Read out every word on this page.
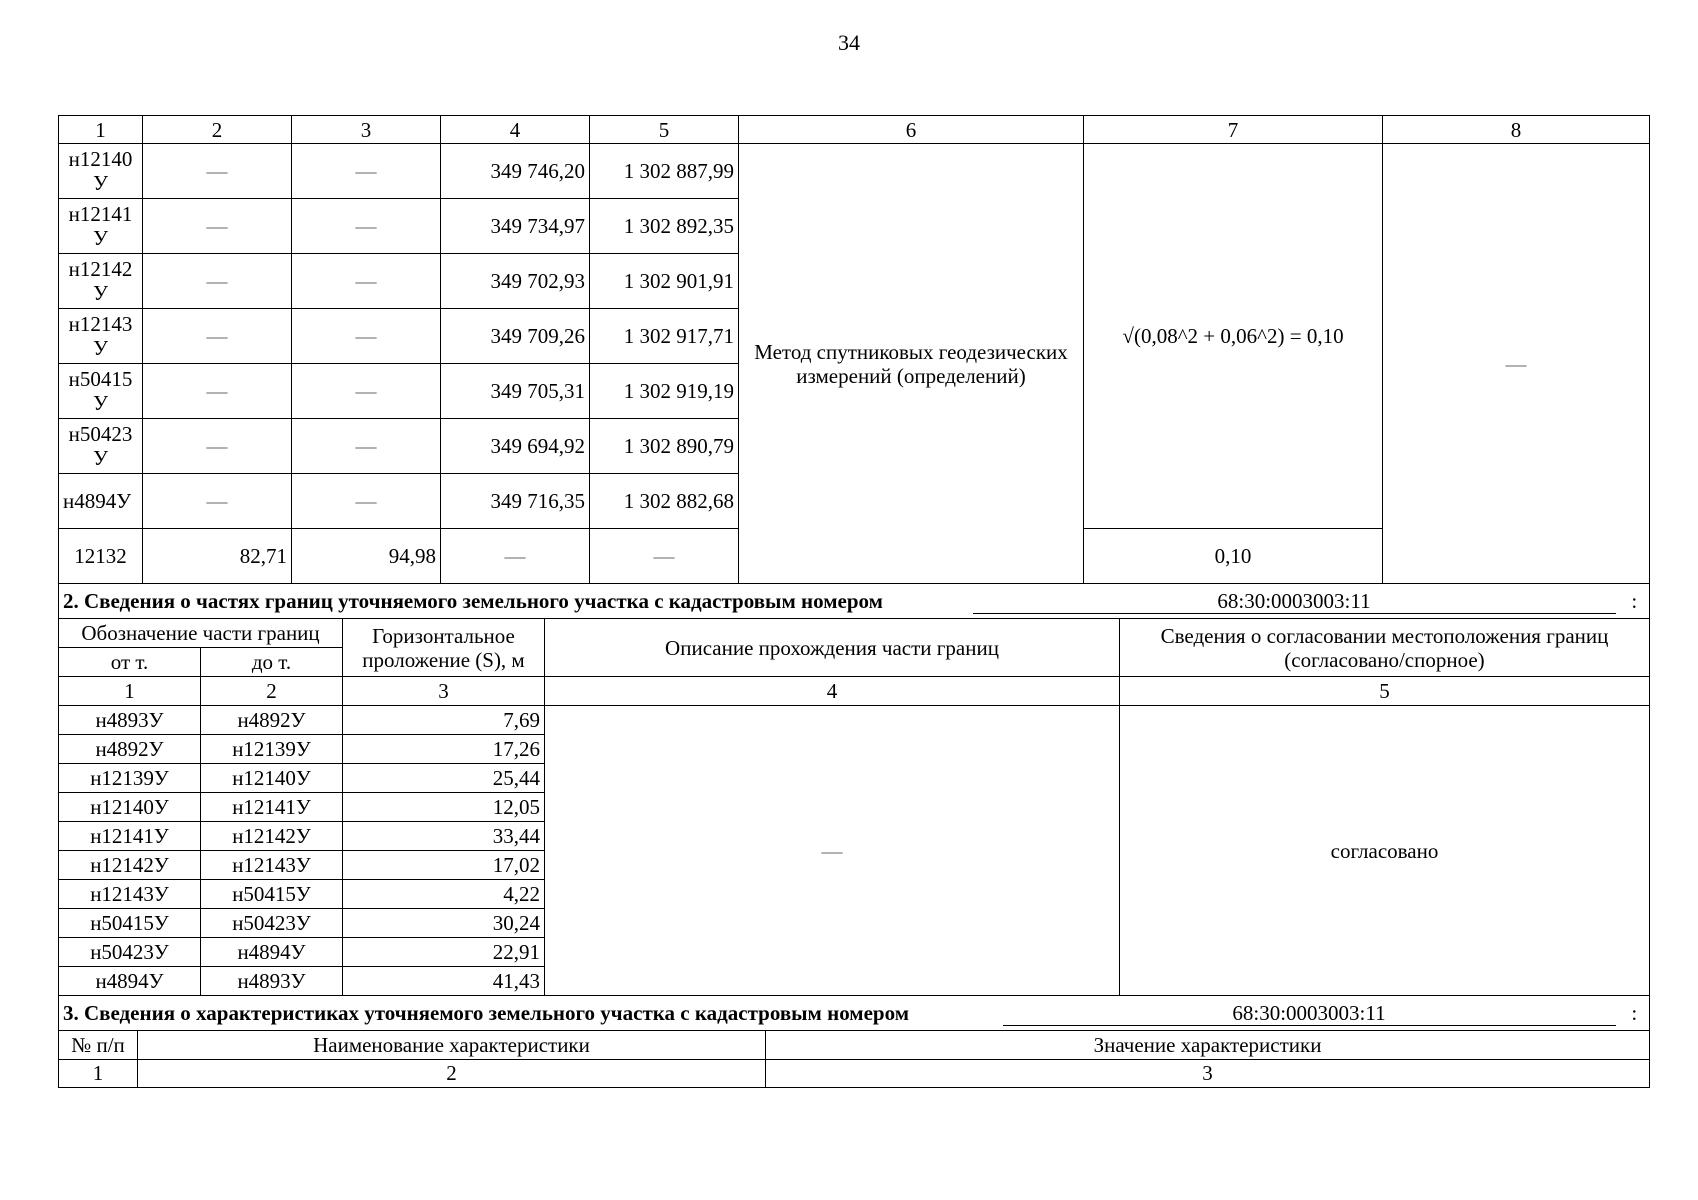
34
1	2	3	4	5	6	7	8
н12140 У	—	—	349 746,20	1 302 887,99	Метод спутниковых геодезических измерений (определений)	√(0,08^2 + 0,06^2) = 0,10	—
н12141 У	—	—	349 734,97	1 302 892,35			
н12142 У	—	—	349 702,93	1 302 901,91			
н12143 У	—	—	349 709,26	1 302 917,71			
н50415 У	—	—	349 705,31	1 302 919,19			
н50423 У	—	—	349 694,92	1 302 890,79			
н4894У	—	—	349 716,35	1 302 882,68			
12132	82,71	94,98	—	—		0,10	
2. Сведения о частях границ уточняемого земельного участка с кадастровым номером	68:30:0003003:11	:
Обозначение части границ		Горизонтальное проложение (S), м	Описание прохождения части границ	Сведения о согласовании местоположения границ (согласовано/спорное)
от т.	до т.			
1	2	3	4	5
н4893У	н4892У	7,69	—	согласовано
н4892У	н12139У	17,26		
н12139У	н12140У	25,44		
н12140У	н12141У	12,05		
н12141У	н12142У	33,44		
н12142У	н12143У	17,02		
н12143У	н50415У	4,22		
н50415У	н50423У	30,24		
н50423У	н4894У	22,91		
н4894У	н4893У	41,43		
3. Сведения о характеристиках уточняемого земельного участка с кадастровым номером	68:30:0003003:11	:
№ п/п	Наименование характеристики	Значение характеристики
1	2	3
